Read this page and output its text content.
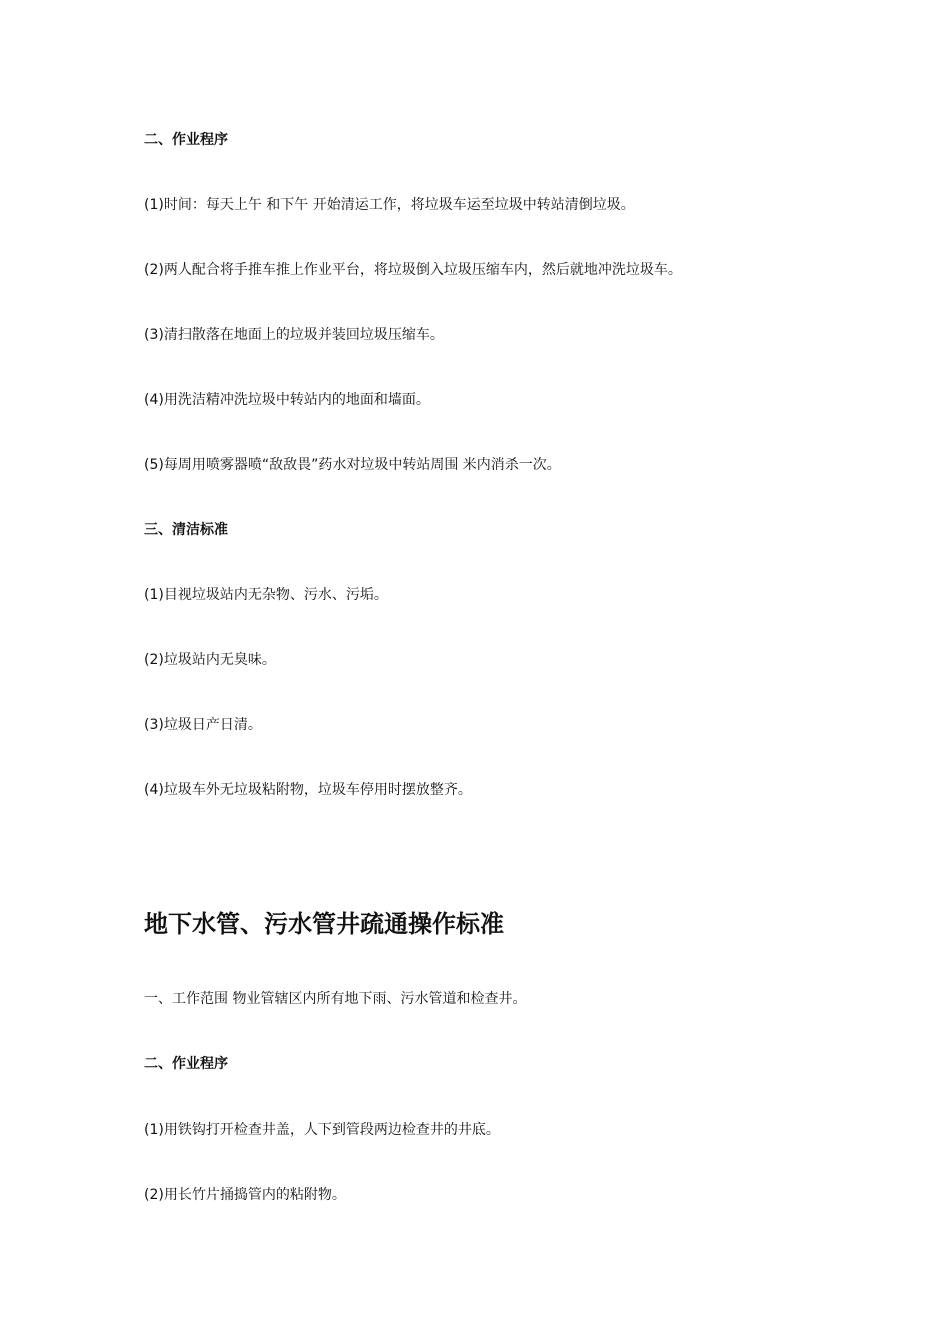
二、作业程序
(1)时间：每天上午 和下午 开始清运工作，将垃圾车运至垃圾中转站清倒垃圾。
(2)两人配合将手推车推上作业平台，将垃圾倒入垃圾压缩车内，然后就地冲洗垃圾车。
(3)清扫散落在地面上的垃圾并装回垃圾压缩车。
(4)用洗洁精冲洗垃圾中转站内的地面和墙面。
(5)每周用喷雾器喷“敌敌畏”药水对垃圾中转站周围 米内消杀一次。
三、清洁标准
(1)目视垃圾站内无杂物、污水、污垢。
(2)垃圾站内无臭味。
(3)垃圾日产日清。
(4)垃圾车外无垃圾粘附物，垃圾车停用时摆放整齐。
地下水管、污水管井疏通操作标准
一、工作范围 物业管辖区内所有地下雨、污水管道和检查井。
二、作业程序
(1)用铁钩打开检查井盖，人下到管段两边检查井的井底。
(2)用长竹片捅捣管内的粘附物。
